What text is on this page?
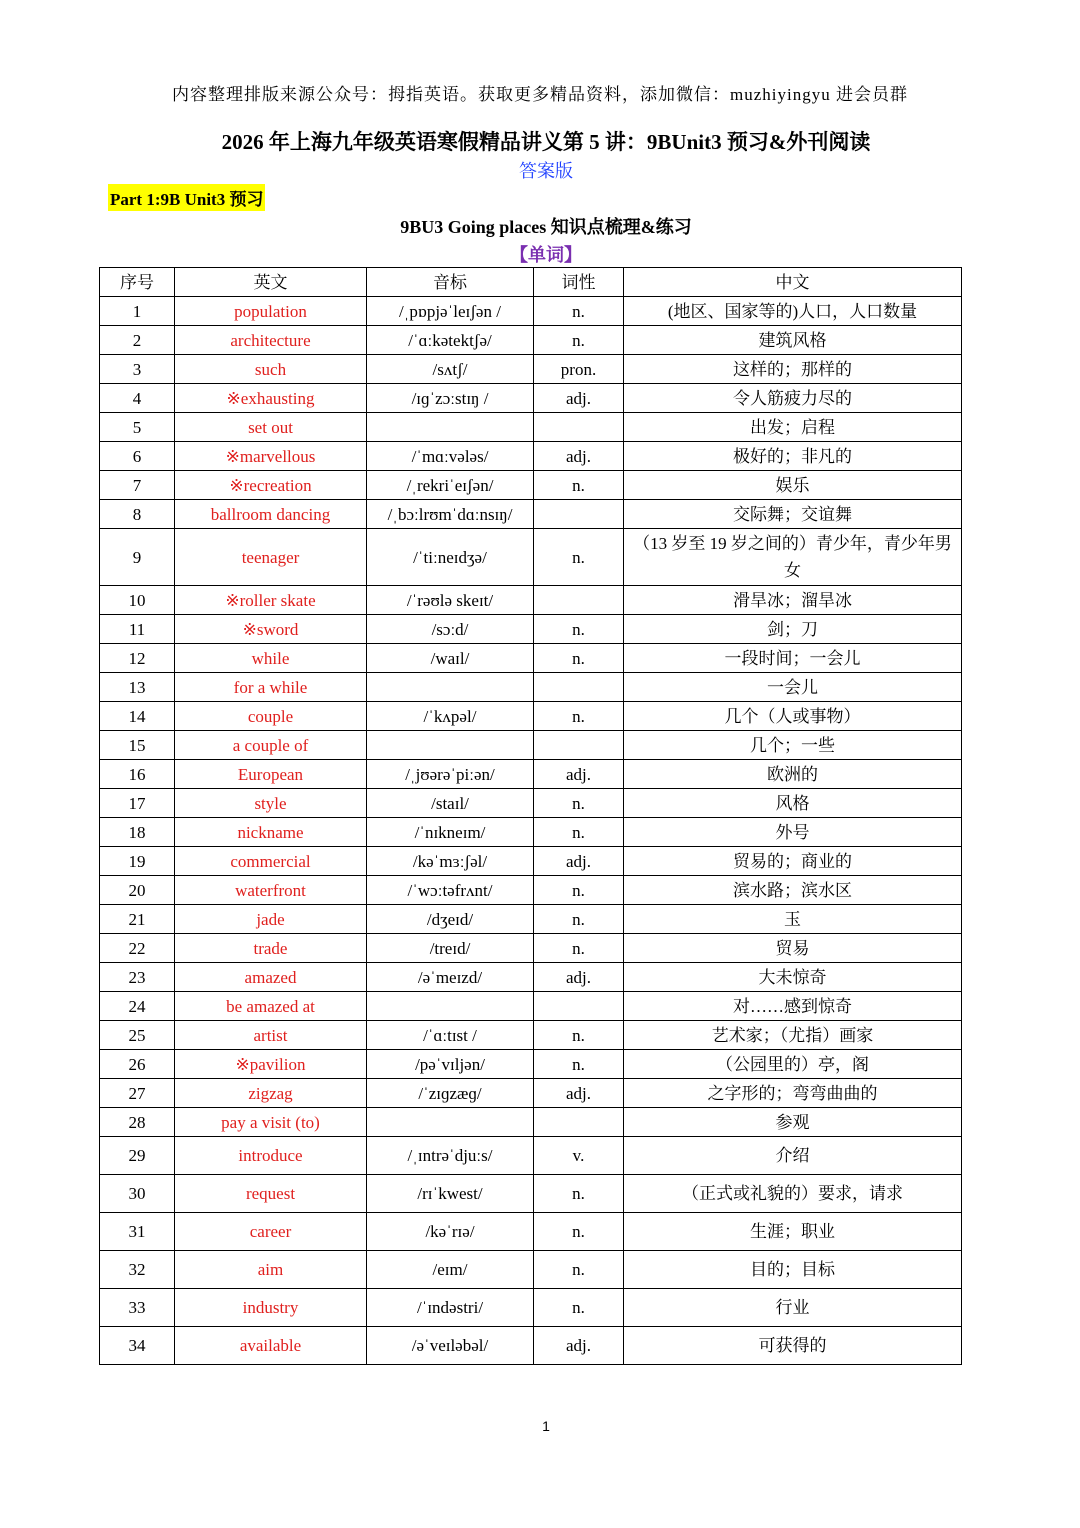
内容整理排版来源公众号：拇指英语。获取更多精品资料，添加微信：muzhiyingyu 进会员群
2026 年上海九年级英语寒假精品讲义第 5 讲：9BUnit3 预习&外刊阅读
答案版
Part 1:9B Unit3 预习
9BU3 Going places 知识点梳理&练习
【单词】
序号	英文	音标	词性	中文
1	population	/ˌpɒpjəˈleɪʃən /	n.	(地区、国家等的)人口，人口数量
2	architecture	/ˈɑːkətektʃə/	n.	建筑风格
3	such	/sʌtʃ/	pron.	这样的；那样的
4	※exhausting	/ɪɡˈzɔːstɪŋ /	adj.	令人筋疲力尽的
5	set out			出发；启程
6	※marvellous	/ˈmɑːvələs/	adj.	极好的；非凡的
7	※recreation	/ˌrekriˈeɪʃən/	n.	娱乐
8	ballroom dancing	/ˌbɔːlrʊmˈdɑːnsɪŋ/		交际舞；交谊舞
9	teenager	/ˈtiːneɪdʒə/	n.	（13 岁至 19 岁之间的）青少年，青少年男女
10	※roller skate	/ˈrəʊlə skeɪt/		滑旱冰；溜旱冰
11	※sword	/sɔːd/	n.	剑；刀
12	while	/waɪl/	n.	一段时间；一会儿
13	for a while			一会儿
14	couple	/ˈkʌpəl/	n.	几个（人或事物）
15	a couple of			几个；一些
16	European	/ˌjʊərəˈpiːən/	adj.	欧洲的
17	style	/staɪl/	n.	风格
18	nickname	/ˈnɪkneɪm/	n.	外号
19	commercial	/kəˈmɜːʃəl/	adj.	贸易的；商业的
20	waterfront	/ˈwɔːtəfrʌnt/	n.	滨水路；滨水区
21	jade	/dʒeɪd/	n.	玉
22	trade	/treɪd/	n.	贸易
23	amazed	/əˈmeɪzd/	adj.	大未惊奇
24	be amazed at			对……感到惊奇
25	artist	/ˈɑːtɪst /	n.	艺术家；（尤指）画家
26	※pavilion	/pəˈvɪljən/	n.	（公园里的）亭，阁
27	zigzag	/ˈzɪɡzæɡ/	adj.	之字形的；弯弯曲曲的
28	pay a visit (to)			参观
29	introduce	/ˌɪntrəˈdjuːs/	v.	介绍
30	request	/rɪˈkwest/	n.	（正式或礼貌的）要求，请求
31	career	/kəˈrɪə/	n.	生涯；职业
32	aim	/eɪm/	n.	目的；目标
33	industry	/ˈɪndəstri/	n.	行业
34	available	/əˈveɪləbəl/	adj.	可获得的
1
